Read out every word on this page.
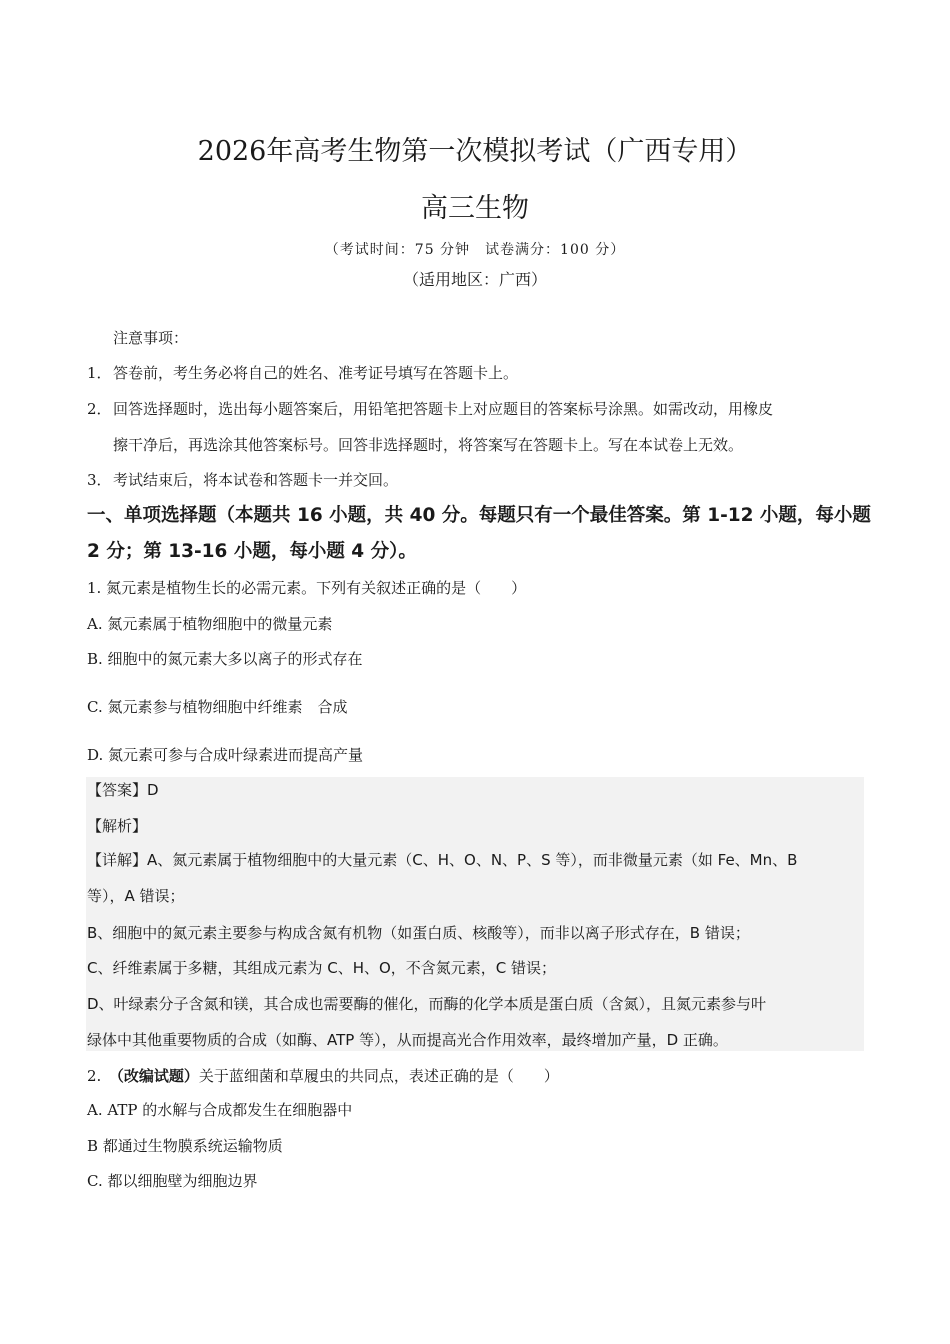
2026年高考生物第一次模拟考试（广西专用）
高三生物
（考试时间：75 分钟　试卷满分：100 分）
（适用地区：广西）
注意事项：
1． 答卷前，考生务必将自己的姓名、准考证号填写在答题卡上。
2． 回答选择题时，选出每小题答案后，用铅笔把答题卡上对应题目的答案标号涂黑。如需改动，用橡皮
擦干净后，再选涂其他答案标号。回答非选择题时，将答案写在答题卡上。写在本试卷上无效。
3． 考试结束后，将本试卷和答题卡一并交回。
一、单项选择题（本题共 16 小题，共 40 分。每题只有一个最佳答案。第 1-12 小题，每小题
2 分；第 13-16 小题，每小题 4 分）。
1. 氮元素是植物生长的必需元素。下列有关叙述正确的是（　　）
A. 氮元素属于植物细胞中的微量元素
B. 细胞中的氮元素大多以离子的形式存在
C. 氮元素参与植物细胞中纤维素　合成
D. 氮元素可参与合成叶绿素进而提高产量
【答案】D
【解析】
【详解】A、氮元素属于植物细胞中的大量元素（C、H、O、N、P、S 等），而非微量元素（如 Fe、Mn、B
等），A 错误；
B、细胞中的氮元素主要参与构成含氮有机物（如蛋白质、核酸等），而非以离子形式存在，B 错误；
C、纤维素属于多糖，其组成元素为 C、H、O，不含氮元素，C 错误；
D、叶绿素分子含氮和镁，其合成也需要酶的催化，而酶的化学本质是蛋白质（含氮），且氮元素参与叶
绿体中其他重要物质的合成（如酶、ATP 等），从而提高光合作用效率，最终增加产量，D 正确。
2.　（改编试题）关于蓝细菌和草履虫的共同点，表述正确的是（　　）
A. ATP 的水解与合成都发生在细胞器中
B 都通过生物膜系统运输物质
C. 都以细胞壁为细胞边界
